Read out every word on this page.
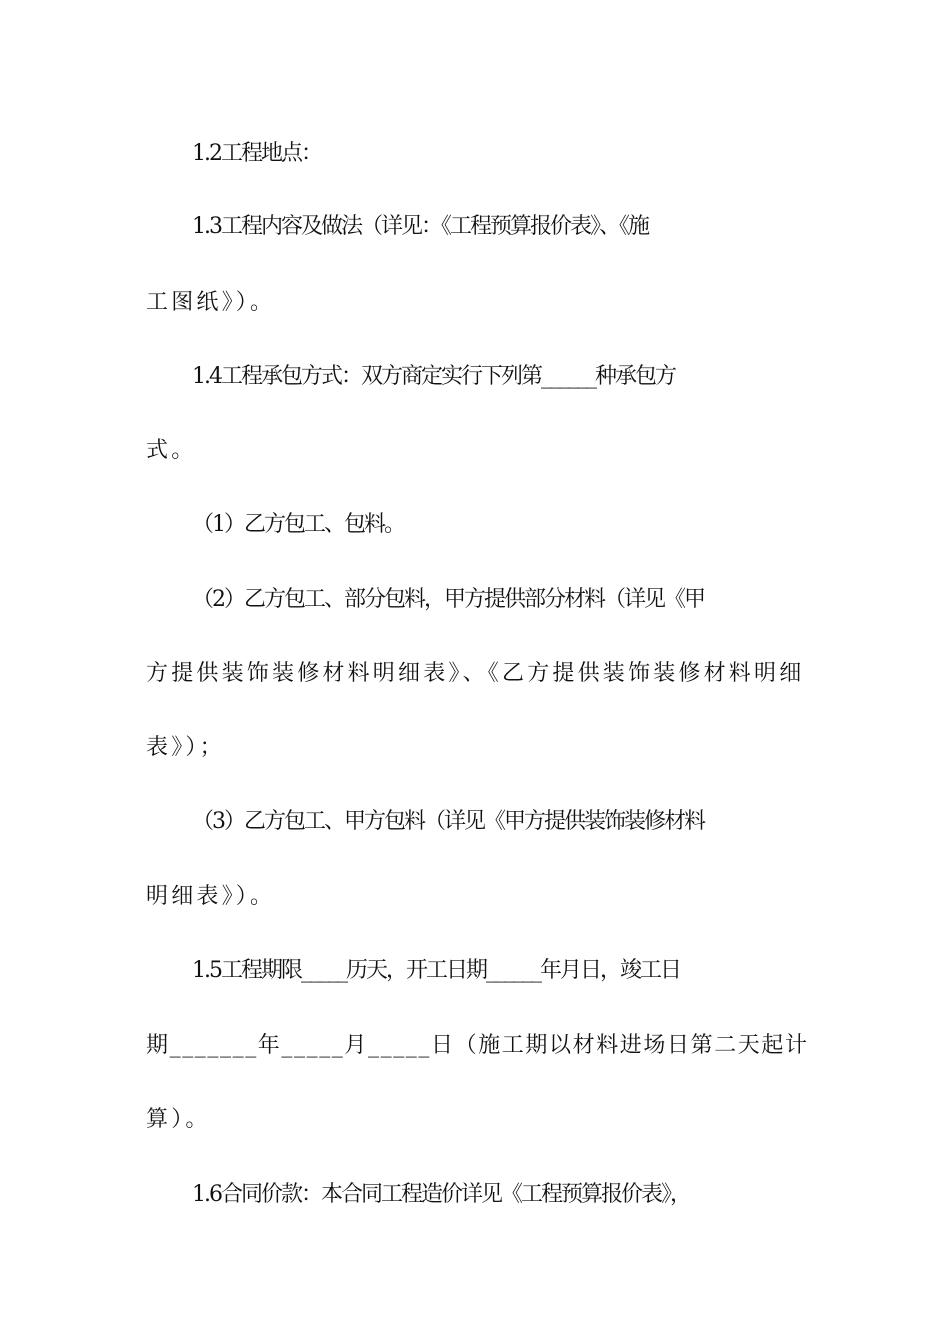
1.2工程地点：
1.3工程内容及做法（详见：《工程预算报价表》、《施
工图纸》）。
1.4工程承包方式：双方商定实行下列第______种承包方
式。
（1）乙方包工、包料。
（2）乙方包工、部分包料，甲方提供部分材料（详见《甲
方提供装饰装修材料明细表》、《乙方提供装饰装修材料明细
表》）；
（3）乙方包工、甲方包料（详见《甲方提供装饰装修材料
明细表》）。
1.5工程期限_____历天，开工日期______年月日，竣工日
期_______年_____月_____日（施工期以材料进场日第二天起计
算）。
1.6合同价款：本合同工程造价详见《工程预算报价表》，
